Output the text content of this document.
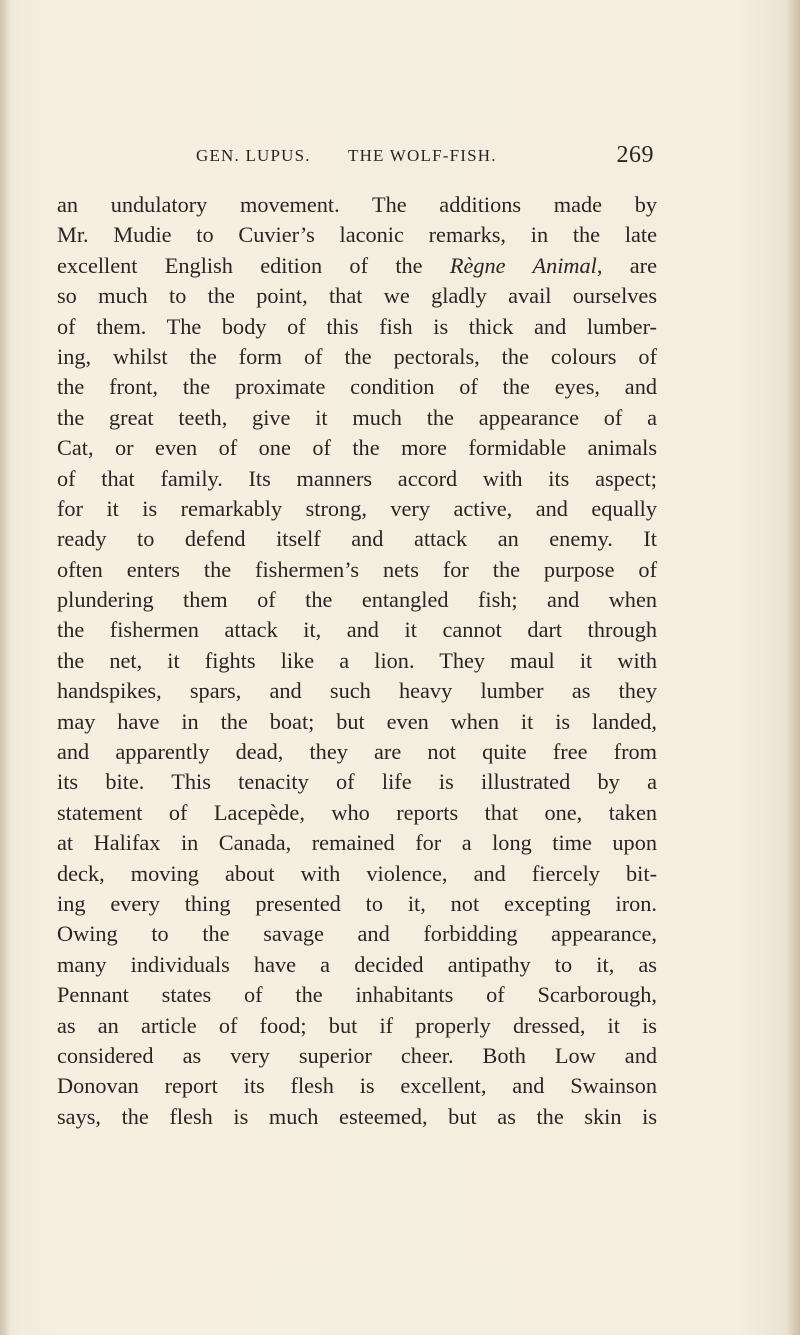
GEN. LUPUS. THE WOLF-FISH.	269
an undulatory movement. The additions made by
Mr. Mudie to Cuvier’s laconic remarks, in the late
excellent English edition of the Règne Animal, are
so much to the point, that we gladly avail ourselves
of them. The body of this fish is thick and lumber-
ing, whilst the form of the pectorals, the colours of
the front, the proximate condition of the eyes, and
the great teeth, give it much the appearance of a
Cat, or even of one of the more formidable animals
of that family. Its manners accord with its aspect;
for it is remarkably strong, very active, and equally
ready to defend itself and attack an enemy. It
often enters the fishermen’s nets for the purpose of
plundering them of the entangled fish; and when
the fishermen attack it, and it cannot dart through
the net, it fights like a lion. They maul it with
handspikes, spars, and such heavy lumber as they
may have in the boat; but even when it is landed,
and apparently dead, they are not quite free from
its bite. This tenacity of life is illustrated by a
statement of Lacepède, who reports that one, taken
at Halifax in Canada, remained for a long time upon
deck, moving about with violence, and fiercely bit-
ing every thing presented to it, not excepting iron.
Owing to the savage and forbidding appearance,
many individuals have a decided antipathy to it, as
Pennant states of the inhabitants of Scarborough,
as an article of food; but if properly dressed, it is
considered as very superior cheer. Both Low and
Donovan report its flesh is excellent, and Swainson
says, the flesh is much esteemed, but as the skin is
